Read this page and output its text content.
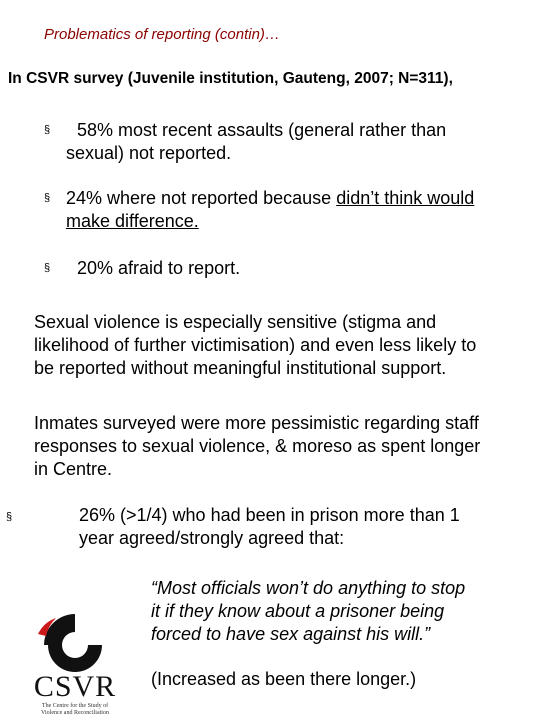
Problematics of reporting (contin)…
In CSVR survey (Juvenile institution, Gauteng, 2007; N=311),
§	58% most recent assaults (general rather than
sexual) not reported.
§ 24% where not reported because didn’t think would
make difference.
§ 20% afraid to report.
Sexual violence is especially sensitive (stigma and
likelihood of further victimisation) and even less likely to
be reported without meaningful institutional support.
Inmates surveyed were more pessimistic regarding staff
responses to sexual violence, & moreso as spent longer
in Centre.
§	26% (>1/4) who had been in prison more than 1
year agreed/strongly agreed that:
“Most officials won’t do anything to stop
it if they know about a prisoner being
forced to have sex against his will.”
(Increased as been there longer.)
CSVR
The Centre for the Study of
Violence and Reconciliation
